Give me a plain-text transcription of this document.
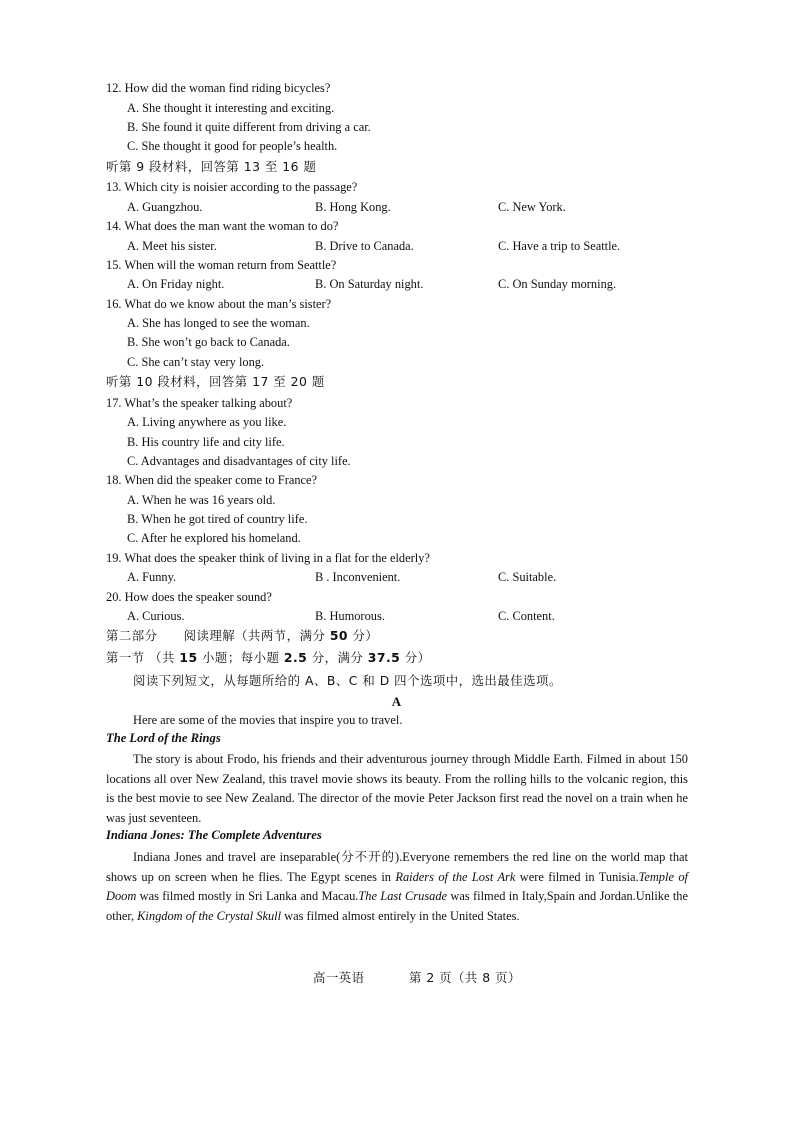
12. How did the woman find riding bicycles?
A. She thought it interesting and exciting.
B. She found it quite different from driving a car.
C. She thought it good for people’s health.
听第 9 段材料，回答第 13 至 16 题
13. Which city is noisier according to the passage?
A. Guangzhou.	B. Hong Kong.	C. New York.
14. What does the man want the woman to do?
A. Meet his sister.	B. Drive to Canada.	C. Have a trip to Seattle.
15. When will the woman return from Seattle?
A. On Friday night.	B. On Saturday night.	C. On Sunday morning.
16. What do we know about the man’s sister?
A. She has longed to see the woman.
B. She won’t go back to Canada.
C. She can’t stay very long.
听第 10 段材料，回答第 17 至 20 题
17. What’s the speaker talking about?
A. Living anywhere as you like.
B. His country life and city life.
C. Advantages and disadvantages of city life.
18. When did the speaker come to France?
A. When he was 16 years old.
B. When he got tired of country life.
C. After he explored his homeland.
19. What does the speaker think of living in a flat for the elderly?
A. Funny.	B . Inconvenient.	C. Suitable.
20. How does the speaker sound?
A. Curious.	B. Humorous.	C. Content.
第二部分 阅读理解（共两节，满分 50 分）
第一节 （共 15 小题；每小题 2.5 分，满分 37.5 分）
阅读下列短文，从每题所给的 A、B、C 和 D 四个选项中，选出最佳选项。
A
Here are some of the movies that inspire you to travel.
The Lord of the Rings
The story is about Frodo, his friends and their adventurous journey through Middle Earth. Filmed in about 150 locations all over New Zealand, this travel movie shows its beauty. From the rolling hills to the volcanic region, this is the best movie to see New Zealand. The director of the movie Peter Jackson first read the novel on a train when he was just seventeen.
Indiana Jones: The Complete Adventures
Indiana Jones and travel are inseparable(分不开的).Everyone remembers the red line on the world map that shows up on screen when he flies. The Egypt scenes in Raiders of the Lost Ark were filmed in Tunisia.Temple of Doom was filmed mostly in Sri Lanka and Macau.The Last Crusade was filmed in Italy,Spain and Jordan.Unlike the other, Kingdom of the Crystal Skull was filmed almost entirely in the United States.
高一英语	第 2 页（共 8 页）
